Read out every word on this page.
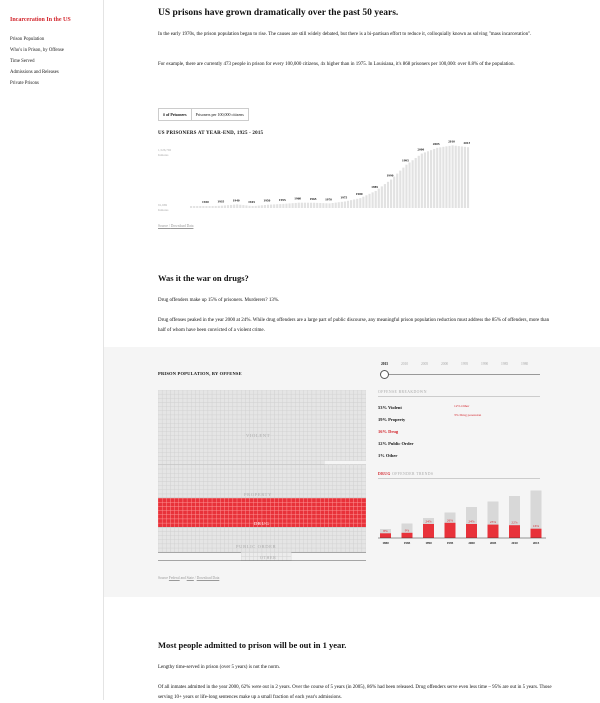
Incarceration In the US
Prison Population
Who's in Prison, by Offense
Time Served
Admissions and Releases
Private Prisons
US prisons have grown dramatically over the past 50 years.
In the early 1970s, the prison population began to rise. The causes are still widely debated, but there is a bi-partisan effort to reduce it, colloquially known as solving "mass incarceration".
For example, there are currently 473 people in prison for every 100,000 citizens, 4x higher than in 1975. In Louisiana, it's 868 prisoners per 100,000: over 0.8% of the population.
# of Prisoners	Prisoners per 100,000 citizens
US PRISONERS AT YEAR-END, 1925 - 2015
1,526,792
Inmates
91,669
Inmates
1930	1935	1940	1945	1950	1955	1960	1965	1970	1975
1980
1985
1990
1995
2000
2005
2010	2015
Source / Download Data
Was it the war on drugs?
Drug offenders make up 15% of prisoners. Murderers? 13%.
Drug offenses peaked in the year 2000 at 24%. While drug offenders are a large part of public discourse, any meaningful prison population reduction must address the 85% of offenders, more than half of whom have been convicted of a violent crime.
PRISON POPULATION, BY OFFENSE
2015	2010	2005	2000	1995	1990	1985	1980
VIOLENT
PROPERTY
DRUG
PUBLIC ORDER
OTHER
OFFENSE BREAKDOWN
53% Violent
19% Property
16% Drug
12% Public Order
1% Other
12% Other
3% Drug posession
DRUG OFFENDER TRENDS
8%
1980
9%
1985
24%
1990
26%
1995
24%
2000
23%
2005
22%
2010
16%
2015
Source Federal and State / Download Data
Most people admitted to prison will be out in 1 year.
Lengthy time-served in prison (over 5 years) is not the norm.
Of all inmates admitted in the year 2000, 62% were out in 2 years. Over the course of 5 years (in 2005), 86% had been released. Drug offenders serve even less time – 95% are out in 5 years. Those serving 10+ years or life-long sentences make up a small fraction of each year's admissions.
